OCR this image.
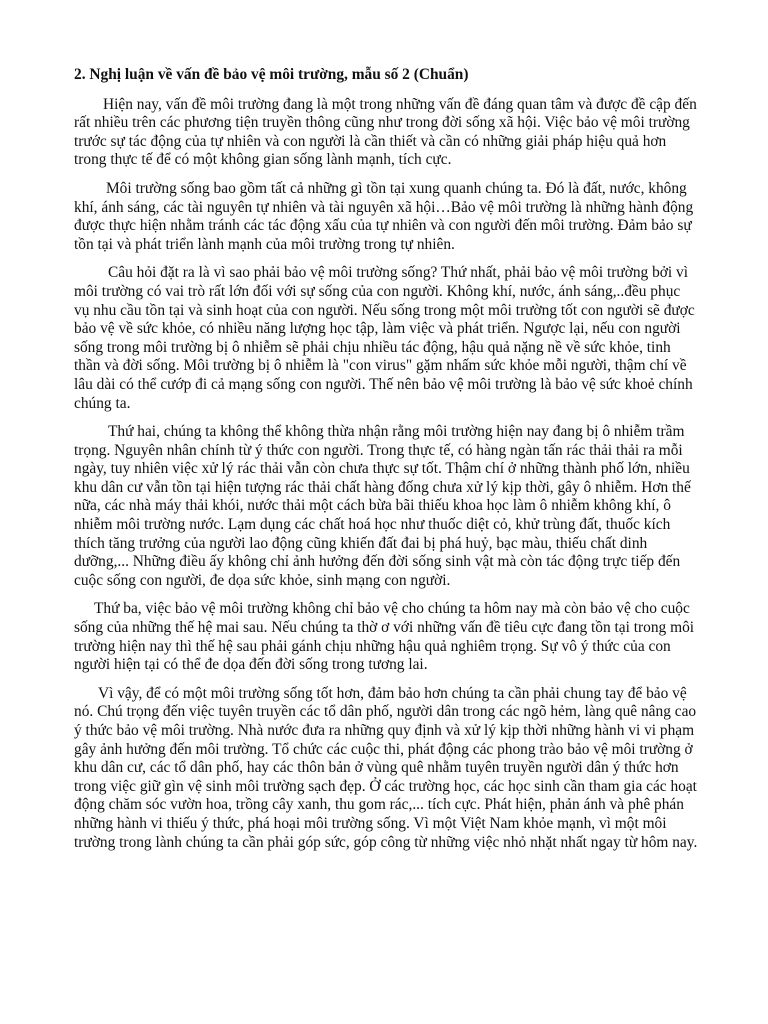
2. Nghị luận về vấn đề bảo vệ môi trường, mẫu số 2 (Chuẩn)

Hiện nay, vấn đề môi trường đang là một trong những vấn đề đáng quan tâm và được đề cập đến rất nhiều trên các phương tiện truyền thông cũng như trong đời sống xã hội. Việc bảo vệ môi trường trước sự tác động của tự nhiên và con người là cần thiết và cần có những giải pháp hiệu quả hơn trong thực tế để có một không gian sống lành mạnh, tích cực.

Môi trường sống bao gồm tất cả những gì tồn tại xung quanh chúng ta. Đó là đất, nước, không khí, ánh sáng, các tài nguyên tự nhiên và tài nguyên xã hội…Bảo vệ môi trường là những hành động được thực hiện nhằm tránh các tác động xấu của tự nhiên và con người đến môi trường. Đảm bảo sự tồn tại và phát triển lành mạnh của môi trường trong tự nhiên.

Câu hỏi đặt ra là vì sao phải bảo vệ môi trường sống? Thứ nhất, phải bảo vệ môi trường bởi vì môi trường có vai trò rất lớn đối với sự sống của con người. Không khí, nước, ánh sáng,..đều phục vụ nhu cầu tồn tại và sinh hoạt của con người. Nếu sống trong một môi trường tốt con người sẽ được bảo vệ về sức khỏe, có nhiều năng lượng học tập, làm việc và phát triển. Ngược lại, nếu con người sống trong môi trường bị ô nhiễm sẽ phải chịu nhiều tác động, hậu quả nặng nề về sức khỏe, tinh thần và đời sống. Môi trường bị ô nhiễm là "con virus" gặm nhấm sức khỏe mỗi người, thậm chí về lâu dài có thể cướp đi cả mạng sống con người. Thế nên bảo vệ môi trường là bảo vệ sức khoẻ chính chúng ta.

Thứ hai, chúng ta không thể không thừa nhận rằng môi trường hiện nay đang bị ô nhiễm trầm trọng. Nguyên nhân chính từ ý thức con người. Trong thực tế, có hàng ngàn tấn rác thải thải ra mỗi ngày, tuy nhiên việc xử lý rác thải vẫn còn chưa thực sự tốt. Thậm chí ở những thành phố lớn, nhiều khu dân cư vẫn tồn tại hiện tượng rác thải chất hàng đống chưa xử lý kịp thời, gây ô nhiễm. Hơn thế nữa, các nhà máy thải khói, nước thải một cách bừa bãi thiếu khoa học làm ô nhiễm không khí, ô nhiễm môi trường nước. Lạm dụng các chất hoá học như thuốc diệt cỏ, khử trùng đất, thuốc kích thích tăng trưởng của người lao động cũng khiến đất đai bị phá huỷ, bạc màu, thiếu chất dinh dưỡng,... Những điều ấy không chỉ ảnh hưởng đến đời sống sinh vật mà còn tác động trực tiếp đến cuộc sống con người, đe dọa sức khỏe, sinh mạng con người.

Thứ ba, việc bảo vệ môi trường không chỉ bảo vệ cho chúng ta hôm nay mà còn bảo vệ cho cuộc sống của những thế hệ mai sau. Nếu chúng ta thờ ơ với những vấn đề tiêu cực đang tồn tại trong môi trường hiện nay thì thế hệ sau phải gánh chịu những hậu quả nghiêm trọng. Sự vô ý thức của con người hiện tại có thể đe dọa đến đời sống trong tương lai.

Vì vậy, để có một môi trường sống tốt hơn, đảm bảo hơn chúng ta cần phải chung tay để bảo vệ nó. Chú trọng đến việc tuyên truyền các tổ dân phố, người dân trong các ngõ hẻm, làng quê nâng cao ý thức bảo vệ môi trường. Nhà nước đưa ra những quy định và xử lý kịp thời những hành vi vi phạm gây ảnh hưởng đến môi trường. Tổ chức các cuộc thi, phát động các phong trào bảo vệ môi trường ở khu dân cư, các tổ dân phố, hay các thôn bản ở vùng quê nhằm tuyên truyền người dân ý thức hơn trong việc giữ gìn vệ sinh môi trường sạch đẹp. Ở các trường học, các học sinh cần tham gia các hoạt động chăm sóc vườn hoa, trồng cây xanh, thu gom rác,... tích cực. Phát hiện, phản ánh và phê phán những hành vi thiếu ý thức, phá hoại môi trường sống. Vì một Việt Nam khỏe mạnh, vì một môi trường trong lành chúng ta cần phải góp sức, góp công từ những việc nhỏ nhặt nhất ngay từ hôm nay.
